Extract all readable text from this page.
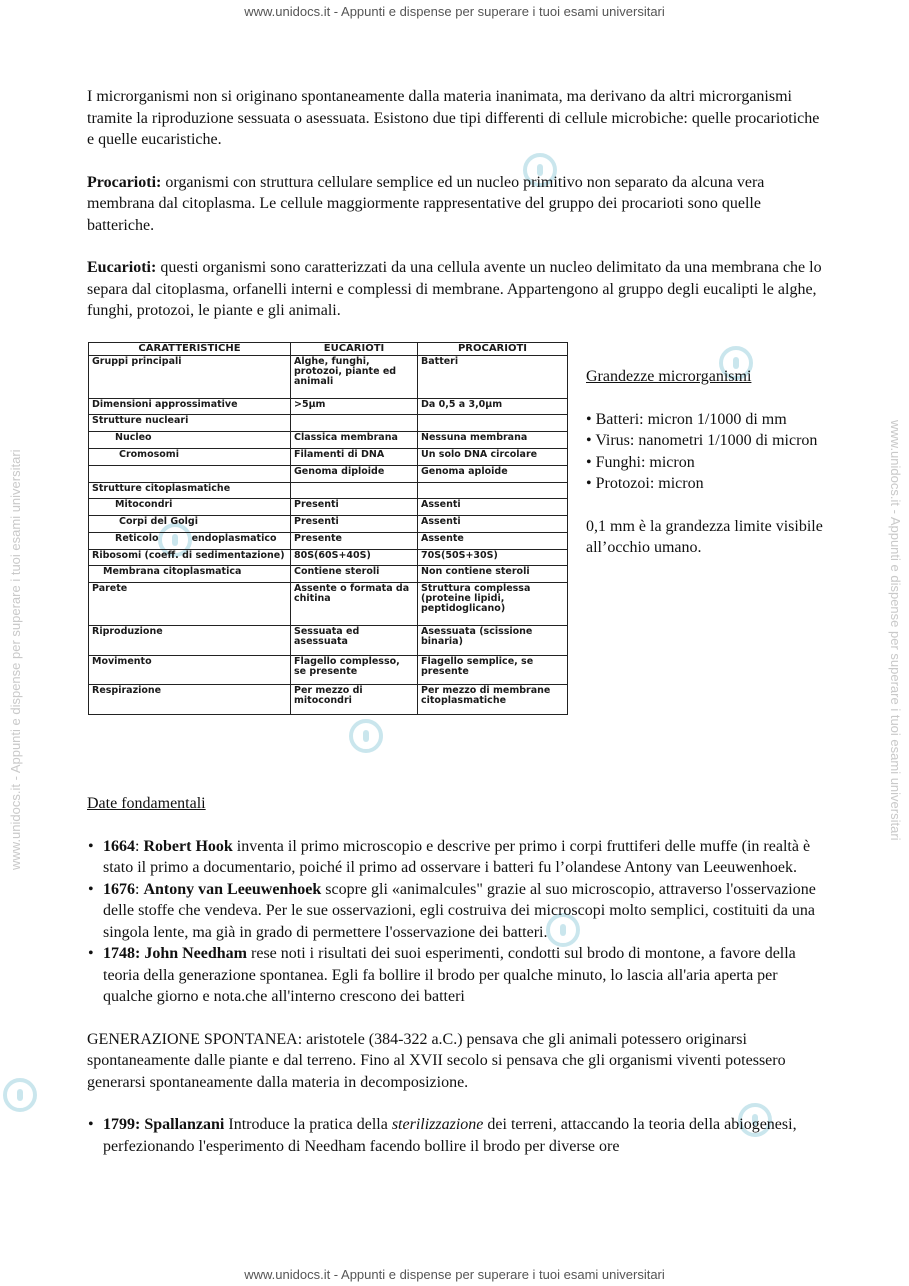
www.unidocs.it - Appunti e dispense per superare i tuoi esami universitari
www.unidocs.it - Appunti e dispense per superare i tuoi esami universitari
www.unidocs.it - Appunti e dispense per superare i tuoi esami universitari	www.unidocs.it - Appunti e dispense per superare i tuoi esami universitari

I microrganismi non si originano spontaneamente dalla materia inanimata, ma derivano da altri microrganismi tramite la riproduzione sessuata o asessuata. Esistono due tipi differenti di cellule microbiche: quelle procariotiche e quelle eucaristiche.

Procarioti: organismi con struttura cellulare semplice ed un nucleo primitivo non separato da alcuna vera membrana dal citoplasma. Le cellule maggiormente rappresentative del gruppo dei procarioti sono quelle batteriche.

Eucarioti: questi organismi sono caratterizzati da una cellula avente un nucleo delimitato da una membrana che lo separa dal citoplasma, orfanelli interni e complessi di membrane. Appartengono al gruppo degli eucalipti le alghe, funghi, protozoi, le piante e gli animali.

CARATTERISTICHE	EUCARIOTI	PROCARIOTI
Gruppi principali	Alghe, funghi, protozoi, piante ed animali	Batteri
Dimensioni approssimative	>5μm	Da 0,5 a 3,0μm
Strutture nucleari		
Nucleo	Classica membrana	Nessuna membrana
Cromosomi	Filamenti di DNA	Un solo DNA circolare
	Genoma diploide	Genoma aploide
Strutture citoplasmatiche		
Mitocondri	Presenti	Assenti
Corpi del Golgi	Presenti	Assenti
Reticolo          endoplasmatico	Presente	Assente
Ribosomi (coeff. di sedimentazione)	80S(60S+40S)	70S(50S+30S)
Membrana citoplasmatica	Contiene steroli	Non contiene steroli
Parete	Assente o formata da chitina	Struttura complessa (proteine lipidi, peptidoglicano)
Riproduzione	Sessuata ed asessuata	Asessuata (scissione binaria)
Movimento	Flagello complesso, se presente	Flagello semplice, se presente
Respirazione	Per mezzo di mitocondri	Per mezzo di membrane citoplasmatiche

Grandezze microrganismi

• Batteri: micron 1/1000 di mm

• Virus: nanometri 1/1000 di micron

• Funghi: micron

• Protozoi: micron

0,1 mm è la grandezza limite visibile all’occhio umano.

Date fondamentali

• 1664: Robert Hook inventa il primo microscopio e descrive per primo i corpi fruttiferi delle muffe (in realtà è stato il primo a documentario, poiché il primo ad osservare i batteri fu l’olandese Antony van Leeuwenhoek.
• 1676: Antony van Leeuwenhoek scopre gli «animalcules" grazie al suo microscopio, attraverso l'osservazione delle stoffe che vendeva. Per le sue osservazioni, egli costruiva dei microscopi molto semplici, costituiti da una singola lente, ma già in grado di permettere l'osservazione dei batteri.
• 1748: John Needham rese noti i risultati dei suoi esperimenti, condotti sul brodo di montone, a favore della teoria della generazione spontanea. Egli fa bollire il brodo per qualche minuto, lo lascia all'aria aperta per qualche giorno e nota.che all'interno crescono dei batteri

GENERAZIONE SPONTANEA: aristotele (384-322 a.C.) pensava che gli animali potessero originarsi spontaneamente dalle piante e dal terreno. Fino al XVII secolo si pensava che gli organismi viventi potessero generarsi spontaneamente dalla materia in decomposizione.

• 1799: Spallanzani Introduce la pratica della sterilizzazione dei terreni, attaccando la teoria della abiogenesi, perfezionando l'esperimento di Needham facendo bollire il brodo per diverse ore
